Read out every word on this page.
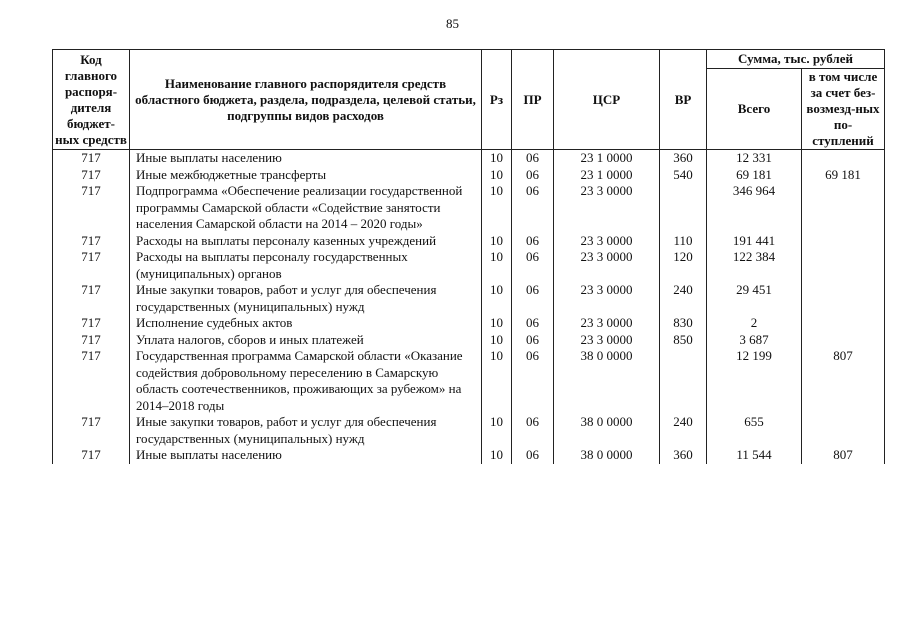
85
Код главного распоря-дителя бюджет-ных средств	Наименование главного распорядителя средств областного бюджета, раздела, подраздела, целевой статьи, подгруппы видов расходов	Рз	ПР	ЦСР	ВР	Сумма, тыс. рублей	
						Всего	в том числе за счет без-возмезд-ных по-ступлений
717	Иные выплаты населению	10	06	23 1 0000	360	12 331	
717	Иные межбюджетные трансферты	10	06	23 1 0000	540	69 181	69 181
717	Подпрограмма «Обеспечение реализации государственной программы Самарской области «Содействие занятости населения Самарской области на 2014 – 2020 годы»	10	06	23 3 0000		346 964	
717	Расходы на выплаты персоналу казенных учреждений	10	06	23 3 0000	110	191 441	
717	Расходы на выплаты персоналу государственных (муниципальных) органов	10	06	23 3 0000	120	122 384	
717	Иные закупки товаров, работ и услуг для обеспечения государственных (муниципальных) нужд	10	06	23 3 0000	240	29 451	
717	Исполнение судебных актов	10	06	23 3 0000	830	2	
717	Уплата налогов, сборов и иных платежей	10	06	23 3 0000	850	3 687	
717	Государственная программа Самарской области «Оказание содействия добровольному переселению в Самарскую область соотечественников, проживающих за рубежом» на 2014–2018 годы	10	06	38 0 0000		12 199	807
717	Иные закупки товаров, работ и услуг для обеспечения государственных (муниципальных) нужд	10	06	38 0 0000	240	655	
717	Иные выплаты населению	10	06	38 0 0000	360	11 544	807
